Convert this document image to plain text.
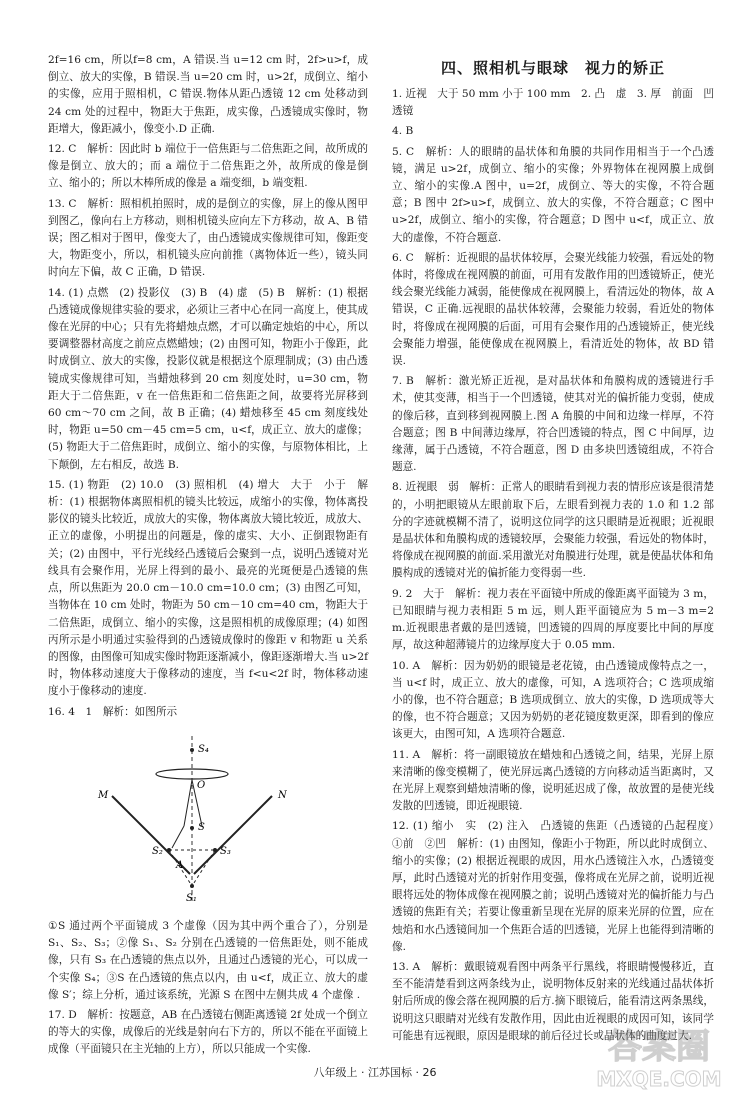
2f=16 cm，所以f=8 cm，A 错误.当 u=12 cm 时，2f>u>f，成倒立、放大的实像，B 错误.当 u=20 cm 时，u>2f，成倒立、缩小的实像，应用于照相机，C 错误.物体从距凸透镜 12 cm 处移动到 24 cm 处的过程中，物距大于焦距，成实像，凸透镜成实像时，物距增大，像距减小，像变小.D 正确.

12. C　解析：因此时 b 端位于一倍焦距与二倍焦距之间，故所成的像是倒立、放大的；而 a 端位于二倍焦距之外，故所成的像是倒立、缩小的；所以木棒所成的像是 a 端变细，b 端变粗.

13. C　解析：照相机拍照时，成的是倒立的实像，屏上的像从图甲到图乙，像向右上方移动，则相机镜头应向左下方移动，故 A、B 错误；图乙相对于图甲，像变大了，由凸透镜成实像规律可知，像距变大，物距变小，所以，相机镜头应向前推（离物体近一些），镜头同时向左下偏，故 C 正确，D 错误.

14. (1) 点燃　(2) 投影仪　(3) B　(4) 虚　(5) B　解析：(1) 根据凸透镜成像规律实验的要求，必须让三者中心在同一高度上，使其成像在光屏的中心；只有先将蜡烛点燃，才可以确定烛焰的中心，所以要调整器材高度之前应点燃蜡烛；(2) 由图可知，物距小于像距，此时成倒立、放大的实像，投影仪就是根据这个原理制成；(3) 由凸透镜成实像规律可知，当蜡烛移到 20 cm 刻度处时，u=30 cm，物距大于二倍焦距，v 在一倍焦距和二倍焦距之间，故要将光屏移到 60 cm～70 cm 之间，故 B 正确；(4) 蜡烛移至 45 cm 刻度线处时，物距 u=50 cm－45 cm=5 cm，u<f，成正立、放大的虚像；(5) 物距大于二倍焦距时，成倒立、缩小的实像，与原物体相比，上下颠倒，左右相反，故选 B.

15. (1) 物距　(2) 10.0　(3) 照相机　(4) 增大　大于　小于　解析：(1) 根据物体离照相机的镜头比较远，成缩小的实像，物体离投影仪的镜头比较近，成放大的实像，物体离放大镜比较近，成放大、正立的虚像，小明提出的问题是，像的虚实、大小、正倒跟物距有关；(2) 由图中，平行光线经凸透镜后会聚到一点，说明凸透镜对光线具有会聚作用，光屏上得到的最小、最亮的光斑便是凸透镜的焦点，所以焦距为 20.0 cm－10.0 cm=10.0 cm；(3) 由图乙可知，当物体在 10 cm 处时，物距为 50 cm－10 cm=40 cm，物距大于二倍焦距，成倒立、缩小的实像，这是照相机的成像原理；(4) 如图丙所示是小明通过实验得到的凸透镜成像时的像距 v 和物距 u 关系的图像，由图像可知成实像时物距逐渐减小，像距逐渐增大.当 u>2f 时，物体移动速度大于像移动的速度，当 f<u<2f 时，物体移动速度小于像移动的速度.

16. 4　1　解析：如图所示

S₄
O
M	N
S
S₂	S₃
A
S₁

①S 通过两个平面镜成 3 个虚像（因为其中两个重合了），分别是 S₁、S₂、S₃；②像 S₁、S₂ 分别在凸透镜的一倍焦距处，则不能成像，只有 S₃ 在凸透镜的焦点以外，且通过凸透镜的光心，可以成一个实像 S₄；③S 在凸透镜的焦点以内，由 u<f，成正立、放大的虚像 S′；综上分析，通过该系统，光源 S 在图中左侧共成 4 个虚像 .

17. D　解析：按题意，AB 在凸透镜右侧距离透镜 2f 处成一个倒立的等大的实像，成像后的光线是射向右下方的，所以不能在平面镜上成像（平面镜只在主光轴的上方），所以只能成一个实像.

四、照相机与眼球　视力的矫正

1. 近视　大于 50 mm 小于 100 mm　2. 凸　虚　3. 厚　前面　凹透镜

4. B

5. C　解析：人的眼睛的晶状体和角膜的共同作用相当于一个凸透镜，满足 u>2f，成倒立、缩小的实像；外界物体在视网膜上成倒立、缩小的实像.A 图中，u=2f，成倒立、等大的实像，不符合题意；B 图中 2f>u>f，成倒立、放大的实像，不符合题意；C 图中 u>2f，成倒立、缩小的实像，符合题意；D 图中 u<f，成正立、放大的虚像，不符合题意.

6. C　解析：近视眼的晶状体较厚，会聚光线能力较强，看远处的物体时，将像成在视网膜的前面，可用有发散作用的凹透镜矫正，使光线会聚光线能力减弱，能使像成在视网膜上，看清远处的物体，故 A 错误，C 正确.远视眼的晶状体较薄，会聚能力较弱，看近处的物体时，将像成在视网膜的后面，可用有会聚作用的凸透镜矫正，使光线会聚能力增强，能使像成在视网膜上，看清近处的物体，故 BD 错误.

7. B　解析：激光矫正近视，是对晶状体和角膜构成的透镜进行手术，使其变薄，相当于一个凹透镜，使其对光的偏折能力变弱，使成的像后移，直到移到视网膜上.图 A 角膜的中间和边缘一样厚，不符合题意；图 B 中间薄边缘厚，符合凹透镜的特点，图 C 中间厚，边缘薄，属于凸透镜，不符合题意，图 D 由多块凹透镜组成，不符合题意.

8. 近视眼　弱　解析：正常人的眼睛看到视力表的情形应该是很清楚的，小明把眼镜从左眼前取下后，左眼看到视力表的 1.0 和 1.2 部分的字迹就模糊不清了，说明这位同学的这只眼睛是近视眼；近视眼是晶状体和角膜构成的透镜较厚，会聚能力较强，看远处的物体时，将像成在视网膜的前面.采用激光对角膜进行处理，就是使晶状体和角膜构成的透镜对光的偏折能力变得弱一些.

9. 2　大于　解析：视力表在平面镜中所成的像距离平面镜为 3 m，已知眼睛与视力表相距 5 m 远，则人距平面镜应为 5 m－3 m=2 m.近视眼患者戴的是凹透镜，凹透镜的四周的厚度要比中间的厚度厚，故这种超薄镜片的边缘厚度大于 0.05 mm.

10. A　解析：因为奶奶的眼镜是老花镜，由凸透镜成像特点之一，当 u<f 时，成正立、放大的虚像，可知，A 选项符合；C 选项成缩小的像，也不符合题意；B 选项成倒立、放大的实像，D 选项成等大的像，也不符合题意；又因为奶奶的老花镜度数更深，即看到的像应该更大，由图可知，A 选项符合题意.

11. A　解析：将一副眼镜放在蜡烛和凸透镜之间，结果，光屏上原来清晰的像变模糊了，使光屏远离凸透镜的方向移动适当距离时，又在光屏上观察到蜡烛清晰的像，说明延迟成了像，故放置的是使光线发散的凹透镜，即近视眼镜.

12. (1) 缩小　实　(2) 注入　凸透镜的焦距（凸透镜的凸起程度）　①前　②凹　解析：(1) 由图知，像距小于物距，所以此时成倒立、缩小的实像；(2) 根据近视眼的成因，用水凸透镜注入水，凸透镜变厚，此时凸透镜对光的折射作用变强，像将成在光屏之前，说明近视眼将远处的物体成像在视网膜之前；说明凸透镜对光的偏折能力与凸透镜的焦距有关；若要让像重新呈现在光屏的原来光屏的位置，应在烛焰和水凸透镜间加一个焦距合适的凹透镜，光屏上也能得到清晰的像.

13. A　解析：戴眼镜观看图中两条平行黑线，将眼睛慢慢移近，直至不能清楚看到这两条线为止，说明物体反射来的光线通过晶状体折射后所成的像会落在视网膜的后方.摘下眼镜后，能看清这两条黑线，说明这只眼睛对光线有发散作用，因此由近视眼的成因可知，该同学可能患有远视眼，原因是眼球的前后径过长或晶状体的曲度过大.

八年级上 · 江苏国标 · 26
答案圈
MXQE.COM
